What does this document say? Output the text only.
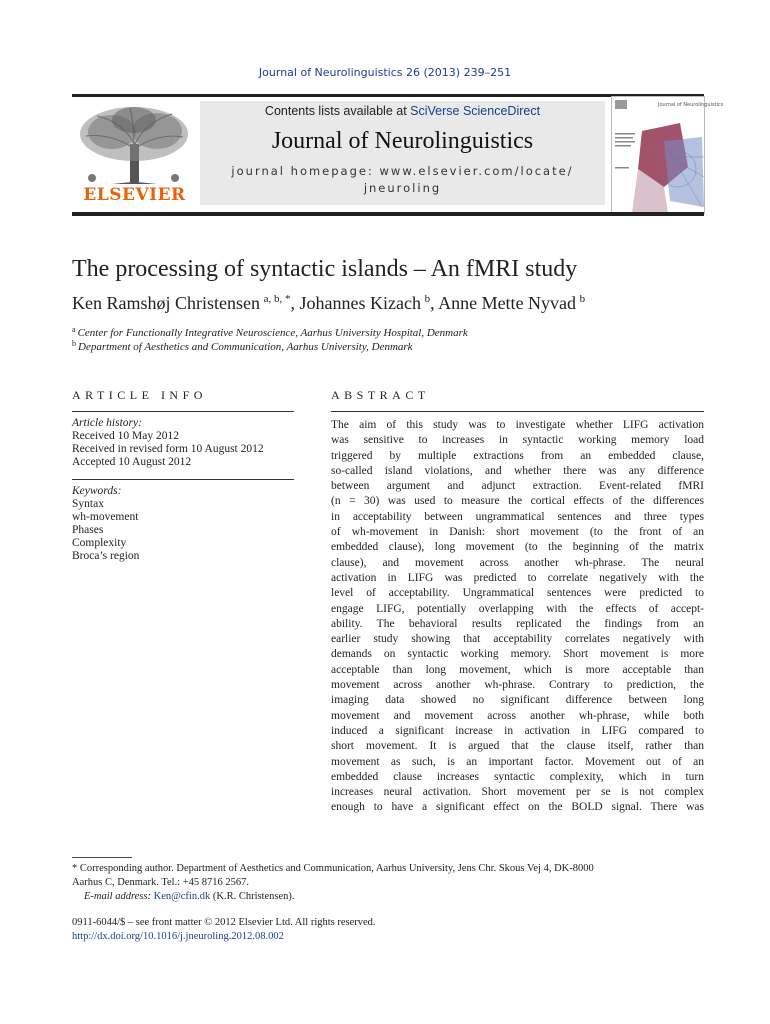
Journal of Neurolinguistics 26 (2013) 239–251
ELSEVIER
Contents lists available at SciVerse ScienceDirect
Journal of Neurolinguistics
journal homepage: www.elsevier.com/locate/
jneuroling
Journal of Neurolinguistics
The processing of syntactic islands – An fMRI study
Ken Ramshøj Christensen  $^{a, b, *}$, Johannes Kizach  $^b$, Anne Mette Nyvad  $^b$
$^a$ Center for Functionally Integrative Neuroscience, Aarhus University Hospital, Denmark
$^b$ Department of Aesthetics and Communication, Aarhus University, Denmark
ARTICLE INFO
Article history:
Received 10 May 2012
Received in revised form 10 August 2012
Accepted 10 August 2012
Keywords:
Syntax
wh-movement
Phases
Complexity
Broca’s region
ABSTRACT
The aim of this study was to investigate whether LIFG activation
was sensitive to increases in syntactic working memory load
triggered by multiple extractions from an embedded clause,
so-called island violations, and whether there was any difference
between argument and adjunct extraction. Event-related fMRI
(n = 30) was used to measure the cortical effects of the differences
in acceptability between ungrammatical sentences and three types
of wh-movement in Danish: short movement (to the front of an
embedded clause), long movement (to the beginning of the matrix
clause), and movement across another wh-phrase. The neural
activation in LIFG was predicted to correlate negatively with the
level of acceptability. Ungrammatical sentences were predicted to
engage LIFG, potentially overlapping with the effects of accept-
ability. The behavioral results replicated the findings from an
earlier study showing that acceptability correlates negatively with
demands on syntactic working memory. Short movement is more
acceptable than long movement, which is more acceptable than
movement across another wh-phrase. Contrary to prediction, the
imaging data showed no significant difference between long
movement and movement across another wh-phrase, while both
induced a significant increase in activation in LIFG compared to
short movement. It is argued that the clause itself, rather than
movement as such, is an important factor. Movement out of an
embedded clause increases syntactic complexity, which in turn
increases neural activation. Short movement per se is not complex
enough to have a significant effect on the BOLD signal. There was
* Corresponding author. Department of Aesthetics and Communication, Aarhus University, Jens Chr. Skous Vej 4, DK-8000
Aarhus C, Denmark. Tel.: +45 8716 2567.
E-mail address: Ken@cfin.dk (K.R. Christensen).
0911-6044/$ – see front matter © 2012 Elsevier Ltd. All rights reserved.
http://dx.doi.org/10.1016/j.jneuroling.2012.08.002
